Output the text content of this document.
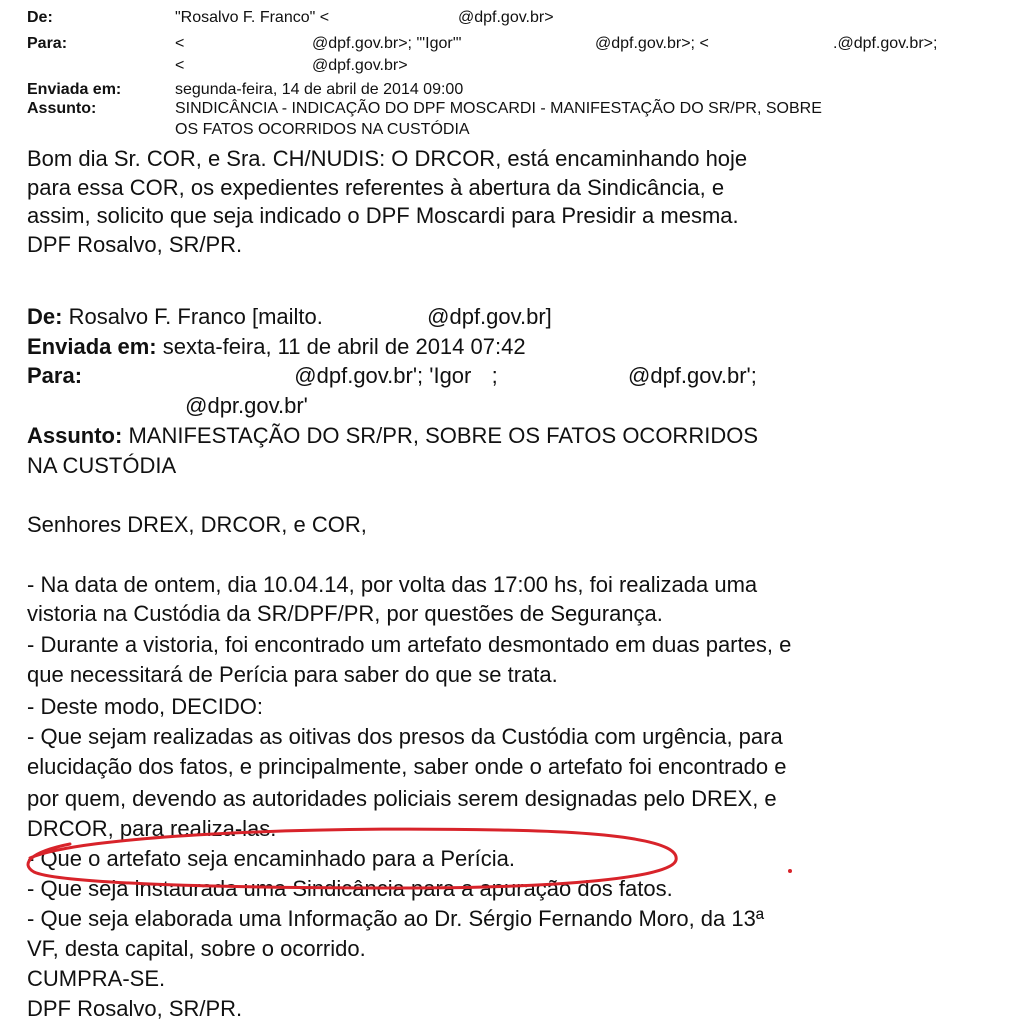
De:	"Rosalvo F. Franco" <	@dpf.gov.br>
Para:	<	@dpf.gov.br>; "'Igor'"	@dpf.gov.br>; <	.@dpf.gov.br>;
<	@dpf.gov.br>
Enviada em:	segunda-feira, 14 de abril de 2014 09:00
Assunto:	SINDICÂNCIA - INDICAÇÃO DO DPF MOSCARDI - MANIFESTAÇÃO DO SR/PR, SOBRE
OS FATOS OCORRIDOS NA CUSTÓDIA
Bom dia Sr. COR, e Sra. CH/NUDIS: O DRCOR, está encaminhando hoje
para essa COR, os expedientes referentes à abertura da Sindicância, e
assim, solicito que seja indicado o DPF Moscardi para Presidir a mesma.
DPF Rosalvo, SR/PR.
De: Rosalvo F. Franco [mailto.	@dpf.gov.br]
Enviada em: sexta-feira, 11 de abril de 2014 07:42
Para:	@dpf.gov.br'; 'Igor ;	@dpf.gov.br';
@dpr.gov.br'
Assunto: MANIFESTAÇÃO DO SR/PR, SOBRE OS FATOS OCORRIDOS
NA CUSTÓDIA
Senhores DREX, DRCOR, e COR,
- Na data de ontem, dia 10.04.14, por volta das 17:00 hs, foi realizada uma
vistoria na Custódia da SR/DPF/PR, por questões de Segurança.
- Durante a vistoria, foi encontrado um artefato desmontado em duas partes, e
que necessitará de Perícia para saber do que se trata.
- Deste modo, DECIDO:
- Que sejam realizadas as oitivas dos presos da Custódia com urgência, para
elucidação dos fatos, e principalmente, saber onde o artefato foi encontrado e
por quem, devendo as autoridades policiais serem designadas pelo DREX, e
DRCOR, para realiza-las.
- Que o artefato seja encaminhado para a Perícia.
- Que seja instaurada uma Sindicância para a apuração dos fatos.
- Que seja elaborada uma Informação ao Dr. Sérgio Fernando Moro, da 13ª
VF, desta capital, sobre o ocorrido.
CUMPRA-SE.
DPF Rosalvo, SR/PR.
